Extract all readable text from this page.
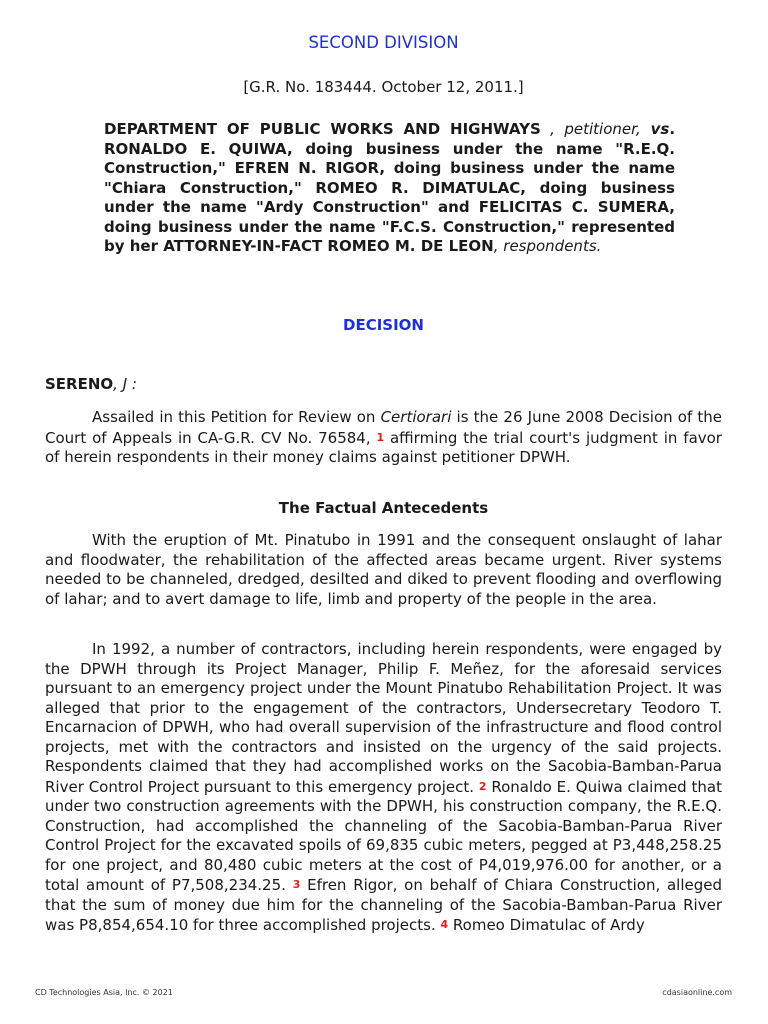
SECOND DIVISION
[G.R. No. 183444. October 12, 2011.]
DEPARTMENT OF PUBLIC WORKS AND HIGHWAYS , petitioner, vs. RONALDO E. QUIWA, doing business under the name "R.E.Q. Construction," EFREN N. RIGOR, doing business under the name "Chiara Construction," ROMEO R. DIMATULAC, doing business under the name "Ardy Construction" and FELICITAS C. SUMERA, doing business under the name "F.C.S. Construction," represented by her ATTORNEY-IN-FACT ROMEO M. DE LEON, respondents.
DECISION
SERENO, J :
Assailed in this Petition for Review on Certiorari is the 26 June 2008 Decision of the Court of Appeals in CA-G.R. CV No. 76584, 1 affirming the trial court's judgment in favor of herein respondents in their money claims against petitioner DPWH.
The Factual Antecedents
With the eruption of Mt. Pinatubo in 1991 and the consequent onslaught of lahar and floodwater, the rehabilitation of the affected areas became urgent. River systems needed to be channeled, dredged, desilted and diked to prevent flooding and overflowing of lahar; and to avert damage to life, limb and property of the people in the area.
In 1992, a number of contractors, including herein respondents, were engaged by the DPWH through its Project Manager, Philip F. Meñez, for the aforesaid services pursuant to an emergency project under the Mount Pinatubo Rehabilitation Project. It was alleged that prior to the engagement of the contractors, Undersecretary Teodoro T. Encarnacion of DPWH, who had overall supervision of the infrastructure and flood control projects, met with the contractors and insisted on the urgency of the said projects. Respondents claimed that they had accomplished works on the Sacobia-Bamban-Parua River Control Project pursuant to this emergency project. 2 Ronaldo E. Quiwa claimed that under two construction agreements with the DPWH, his construction company, the R.E.Q. Construction, had accomplished the channeling of the Sacobia-Bamban-Parua River Control Project for the excavated spoils of 69,835 cubic meters, pegged at P3,448,258.25 for one project, and 80,480 cubic meters at the cost of P4,019,976.00 for another, or a total amount of P7,508,234.25. 3 Efren Rigor, on behalf of Chiara Construction, alleged that the sum of money due him for the channeling of the Sacobia-Bamban-Parua River was P8,854,654.10 for three accomplished projects. 4 Romeo Dimatulac of Ardy
CD Technologies Asia, Inc. © 2021	cdasiaonline.com
